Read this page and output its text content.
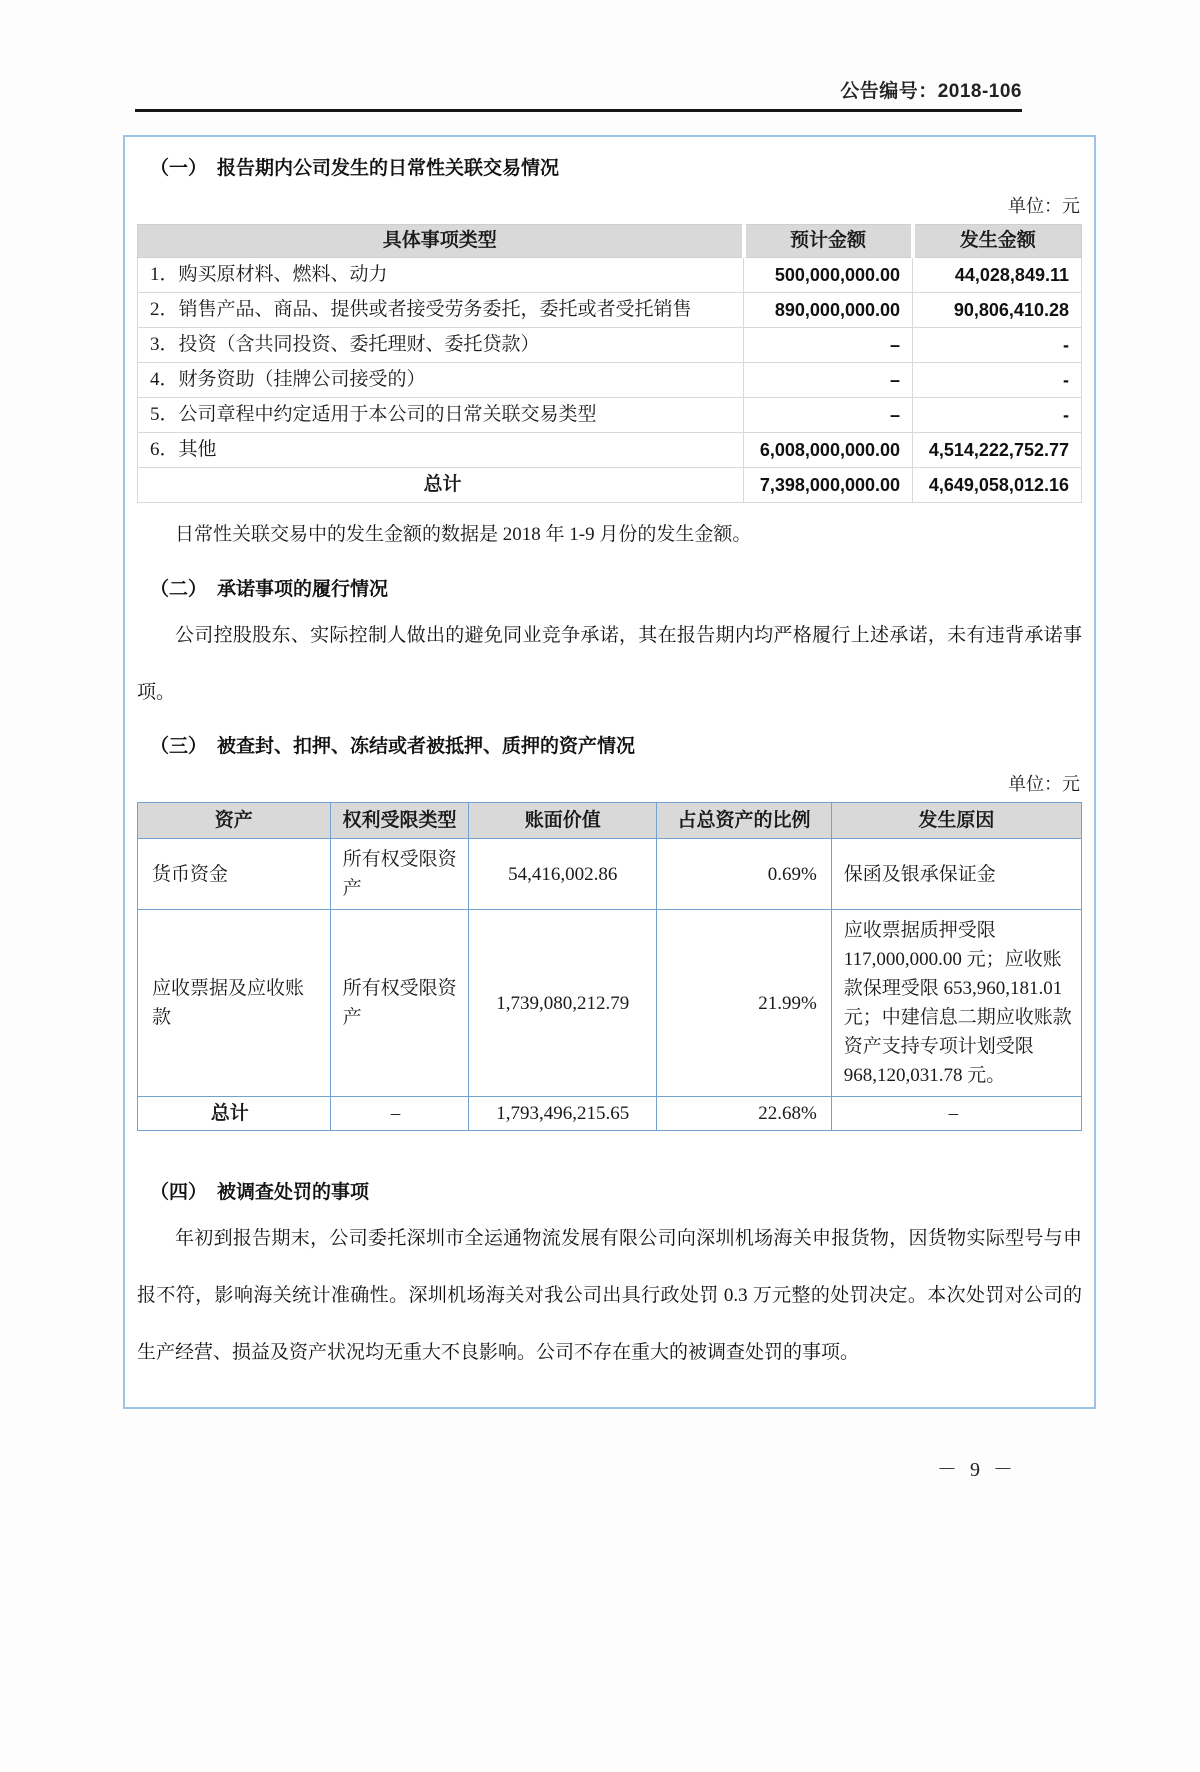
公告编号：2018-106
（一） 报告期内公司发生的日常性关联交易情况
单位：元
具体事项类型	预计金额	发生金额
1．购买原材料、燃料、动力	500,000,000.00	44,028,849.11
2．销售产品、商品、提供或者接受劳务委托，委托或者受托销售	890,000,000.00	90,806,410.28
3．投资（含共同投资、委托理财、委托贷款）	–	-
4．财务资助（挂牌公司接受的）	–	-
5．公司章程中约定适用于本公司的日常关联交易类型	–	-
6．其他	6,008,000,000.00	4,514,222,752.77
总计	7,398,000,000.00	4,649,058,012.16
日常性关联交易中的发生金额的数据是 2018 年 1-9 月份的发生金额。
（二） 承诺事项的履行情况

公司控股股东、实际控制人做出的避免同业竞争承诺，其在报告期内均严格履行上述承诺，未有违背承诺事项。

（三） 被查封、扣押、冻结或者被抵押、质押的资产情况
单位：元
资产	权利受限类型	账面价值	占总资产的比例	发生原因
货币资金	所有权受限资产	54,416,002.86	0.69%	保函及银承保证金
应收票据及应收账款	所有权受限资产	1,739,080,212.79	21.99%	应收票据质押受限 117,000,000.00 元；应收账款保理受限 653,960,181.01 元；中建信息二期应收账款资产支持专项计划受限 968,120,031.78 元。
总计	–	1,793,496,215.65	22.68%	–
（四） 被调查处罚的事项

年初到报告期末，公司委托深圳市全运通物流发展有限公司向深圳机场海关申报货物，因货物实际型号与申报不符，影响海关统计准确性。深圳机场海关对我公司出具行政处罚 0.3 万元整的处罚决定。本次处罚对公司的生产经营、损益及资产状况均无重大不良影响。公司不存在重大的被调查处罚的事项。

－ 9 －
